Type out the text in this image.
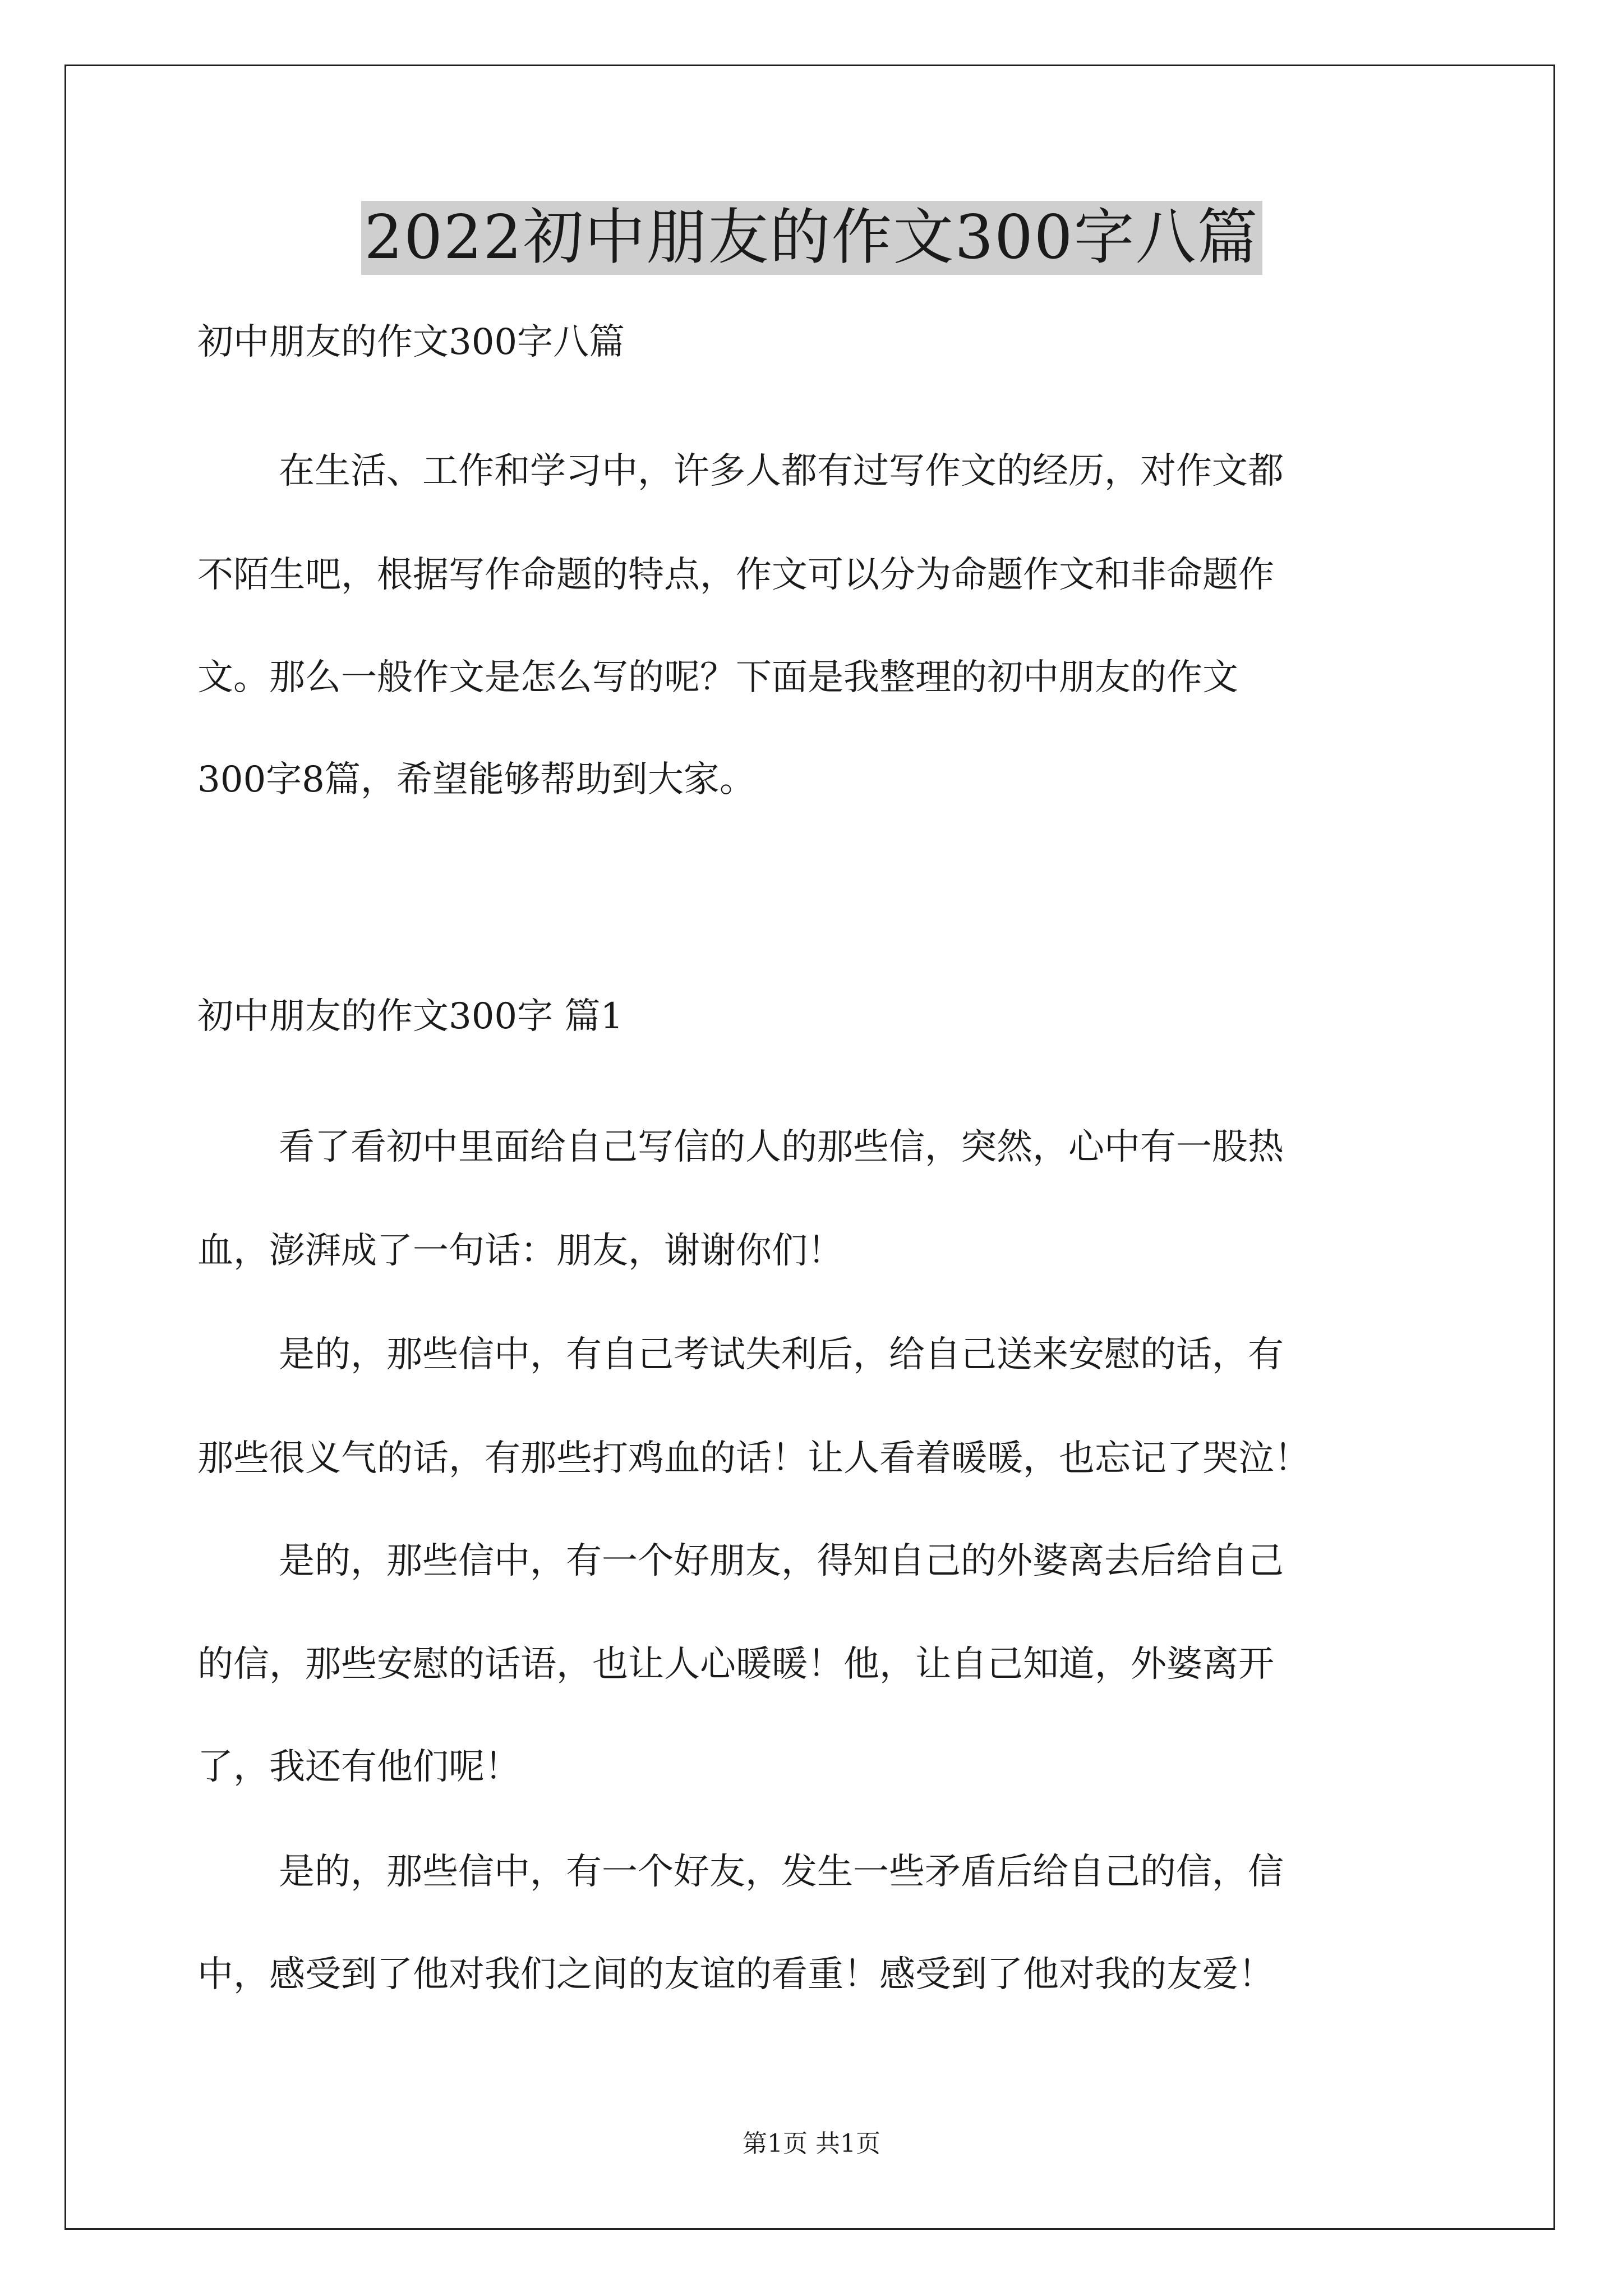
2022初中朋友的作文300字八篇
初中朋友的作文300字八篇
在生活、工作和学习中，许多人都有过写作文的经历，对作文都
不陌生吧，根据写作命题的特点，作文可以分为命题作文和非命题作
文。那么一般作文是怎么写的呢？下面是我整理的初中朋友的作文
300字8篇，希望能够帮助到大家。
初中朋友的作文300字 篇1
看了看初中里面给自己写信的人的那些信，突然，心中有一股热
血，澎湃成了一句话：朋友，谢谢你们！
是的，那些信中，有自己考试失利后，给自己送来安慰的话，有
那些很义气的话，有那些打鸡血的话！让人看着暖暖，也忘记了哭泣！
是的，那些信中，有一个好朋友，得知自己的外婆离去后给自己
的信，那些安慰的话语，也让人心暖暖！他，让自己知道，外婆离开
了，我还有他们呢！
是的，那些信中，有一个好友，发生一些矛盾后给自己的信，信
中，感受到了他对我们之间的友谊的看重！感受到了他对我的友爱！
第1页 共1页
